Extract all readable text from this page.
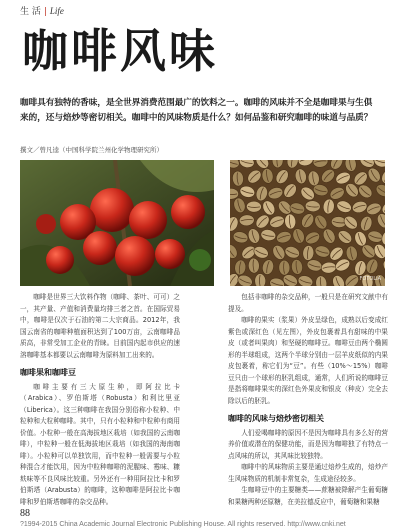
生 活 | Life
咖啡风味
咖啡具有独特的香味，是全世界消费范围最广的饮料之一。咖啡的风味并不全是咖啡果与生俱来的，还与焙炒等密切相关。咖啡中的风味物质是什么？如何品鉴和研究咖啡的味道与品质？
撰文／曾凡逵（中国科学院兰州化学物理研究所）
FOTOLIA

咖啡是世界三大饮料作物（咖啡、茶叶、可可）之一，其产量、产值和消费量均排三者之首。在国际贸易中，咖啡是仅次于石油的第二大宗商品。2012年，我国云南省的咖啡种植面积达到了100万亩，云南咖啡品质高，非常受加工企业的青睐。目前国内起市供应的速溶咖啡基本都要以云南咖啡为原料加工出来的。

咖啡果和咖啡豆

咖啡主要有三大原生种，即阿拉比卡（Arabica）、罗伯斯塔（Robusta）和利比里亚（Liberica）。这三种咖啡在我国分别俗称小粒种、中粒种和大粒种咖啡。其中，只有小粒种和中粒种有商用价值。小粒种一般在高海拔地区栽培（如我国的云南咖啡），中粒种一般在低海拔地区栽培（如我国的海南咖啡）。小粒种可以单独饮用，而中粒种一般需要与小粒种混合才能饮用，因为中粒种咖啡的泥腥味、霉味、糠麸味等不良风味比较重。另外还有一种用阿拉比卡和罗伯斯塔（Arabusta）的咖啡，这种咖啡是阿拉比卡咖啡和罗伯斯塔咖啡的杂交品种。

包括非咖啡的杂交品种，一般只是在研究文献中有提及。

咖啡的果实（浆果）外皮呈绿色，成熟以后变成红紫色或深红色（见左图），外皮包裹着具有甜味的中果皮（或者叫果肉）和坚硬的咖啡豆。咖啡豆由两个椭圆形的半球组成，这两个半球分别由一层羊皮纸似的内果皮包裹着，称它们为“豆”。有些（10%～15%）咖啡豆只由一个球形的胚乳组成，通常，人们所说的咖啡豆是指将咖啡果实的深红色外果皮和银皮（种皮）完全去除以后的胚乳。

咖啡的风味与焙炒密切相关

人们爱喝咖啡的原因不是因为咖啡具有多么好的营养价值或潜在的保健功能，而是因为咖啡独了有特点一点风味的所以，其风味比较独特。

咖啡中的风味物质主要是通过焙炒生成的，焙炒产生风味物质的机制非常复杂，生成途径较多。

生咖啡豆中的主要糖类——蔗糖被降解产生葡萄糖和果糖两种还原糖，在美拉德反应中，葡萄糖和果糖

88
?1994-2015 China Academic Journal Electronic Publishing House. All rights reserved. http://www.cnki.net
